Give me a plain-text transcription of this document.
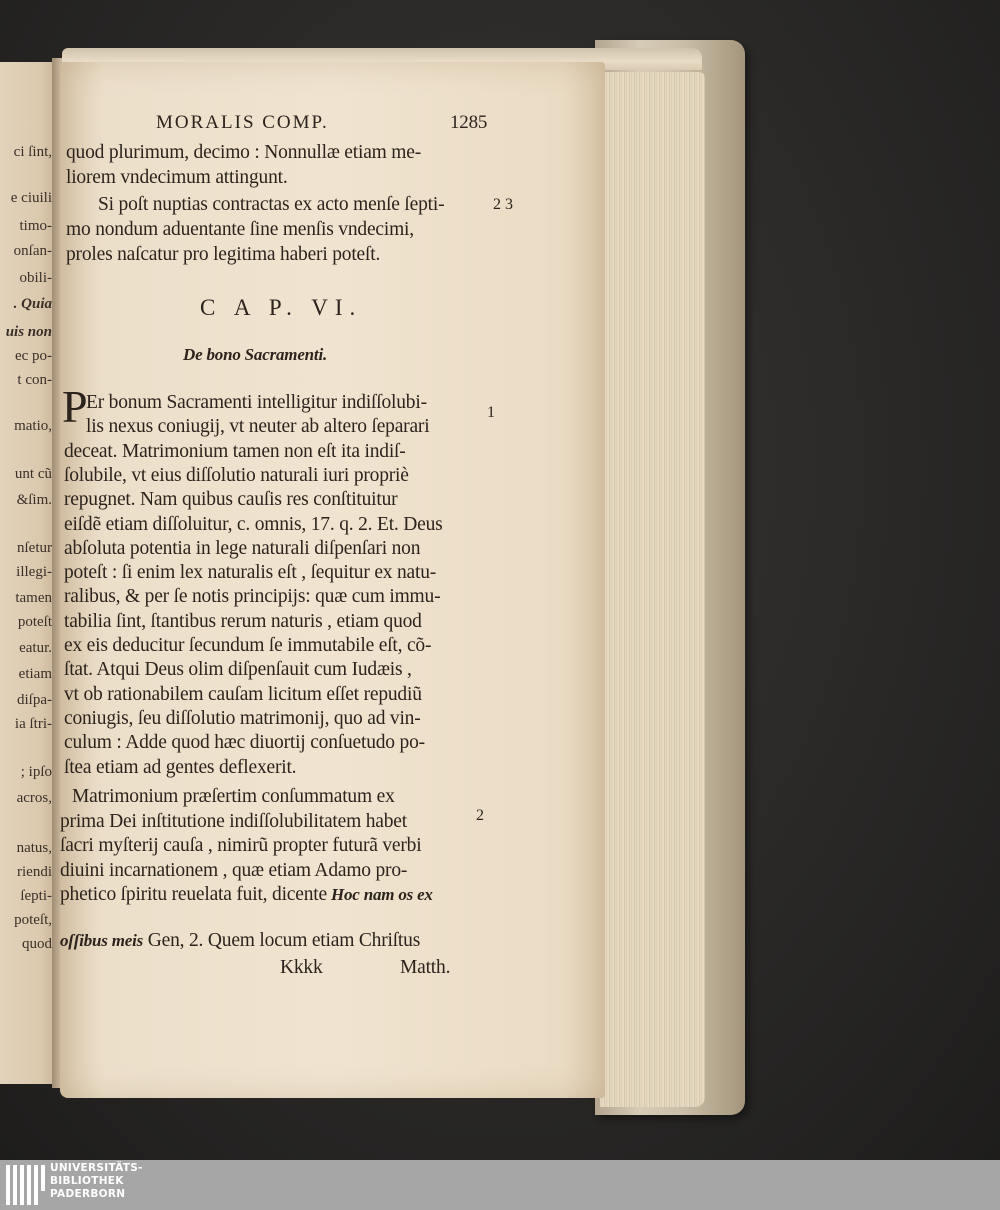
ci ſint,
e ciuili
timo-
onſan-
obili-
. Quia
uis non
ec po-
t con-
matio,
unt cũ
&ſim.
nſetur
illegi-
tamen
poteſt
eatur.
etiam
diſpa-
ia ſtri-
; ipſo
acros,
natus,
riendi
ſepti-
poteſt,
quod
MORALIS COMP.	1285
quod plurimum, decimo : Nonnullæ etiam me-
liorem vndecimum attingunt.
Si poſt nuptias contractas ex acto menſe ſepti-
mo nondum aduentante ſine menſis vndecimi,
proles naſcatur pro legitima haberi poteſt.
2 3
C A P. VI.
De bono Sacramenti.
P	1
Er bonum Sacramenti intelligitur indiſſolubi-
lis nexus coniugij, vt neuter ab altero ſeparari
deceat. Matrimonium tamen non eſt ita indiſ-
ſolubile, vt eius diſſolutio naturali iuri propriè
repugnet. Nam quibus cauſis res conſtituitur
eiſdẽ etiam diſſoluitur, c. omnis, 17. q. 2. Et. Deus
abſoluta potentia in lege naturali diſpenſari non
poteſt : ſi enim lex naturalis eſt , ſequitur ex natu-
ralibus, & per ſe notis principijs: quæ cum immu-
tabilia ſint, ſtantibus rerum naturis , etiam quod
ex eis deducitur ſecundum ſe immutabile eſt, cõ-
ſtat. Atqui Deus olim diſpenſauit cum Iudæis ,
vt ob rationabilem cauſam licitum eſſet repudiũ
coniugis, ſeu diſſolutio matrimonij, quo ad vin-
culum : Adde quod hæc diuortij conſuetudo po-
ſtea etiam ad gentes deflexerit.
2
Matrimonium præſertim conſummatum ex
prima Dei inſtitutione indiſſolubilitatem habet
ſacri myſterij cauſa , nimirũ propter futurã verbi
diuini incarnationem , quæ etiam Adamo pro-
phetico ſpiritu reuelata fuit, dicente Hoc nam os ex
oſſibus meis Gen, 2. Quem locum etiam Chriſtus
Kkkk	Matth.
UNIVERSITÄTS-
BIBLIOTHEK
PADERBORN
